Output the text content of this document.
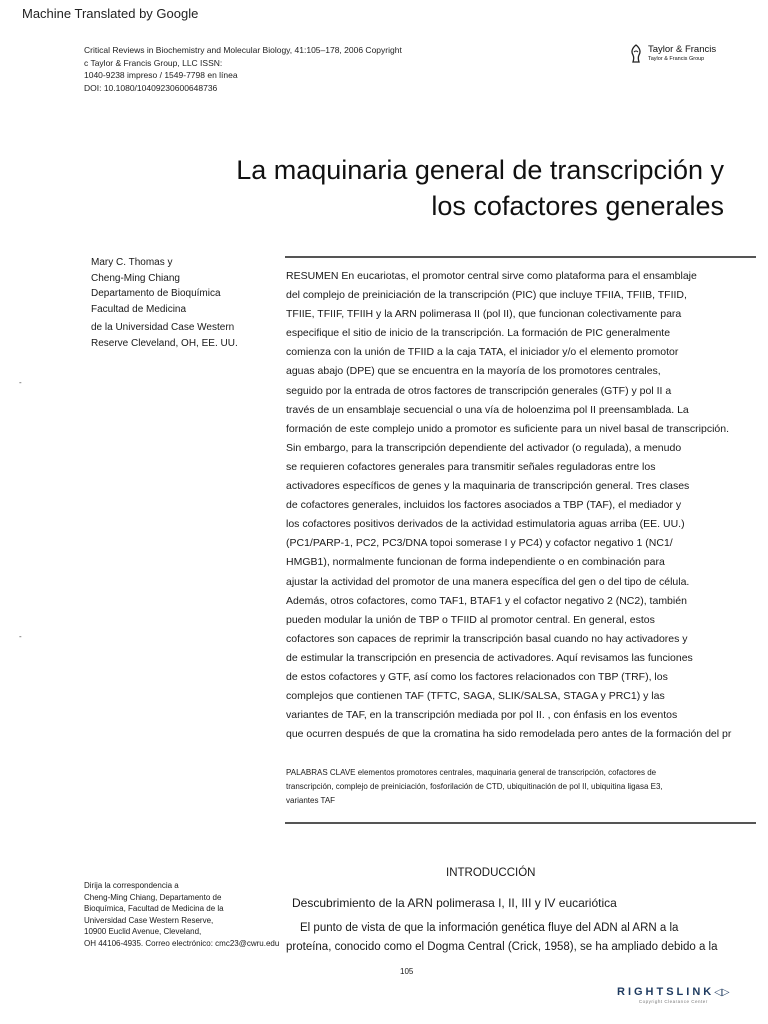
Machine Translated by Google
Critical Reviews in Biochemistry and Molecular Biology, 41:105–178, 2006 Copyright
c Taylor & Francis Group, LLC ISSN:
1040-9238 impreso / 1549-7798 en línea
DOI: 10.1080/10409230600648736
Taylor & Francis
Taylor & Francis Group
La maquinaria general de transcripción y
los cofactores generales
Mary C. Thomas y
Cheng-Ming Chiang
Departamento de Bioquímica
Facultad de Medicina
de la Universidad Case Western
Reserve Cleveland, OH, EE. UU.
RESUMEN En eucariotas, el promotor central sirve como plataforma para el ensamblaje
del complejo de preiniciación de la transcripción (PIC) que incluye TFIIA, TFIIB, TFIID,
TFIIE, TFIIF, TFIIH y la ARN polimerasa II (pol II), que funcionan colectivamente para
especifique el sitio de inicio de la transcripción. La formación de PIC generalmente
comienza con la unión de TFIID a la caja TATA, el iniciador y/o el elemento promotor
aguas abajo (DPE) que se encuentra en la mayoría de los promotores centrales,
seguido por la entrada de otros factores de transcripción generales (GTF) y pol II a
través de un ensamblaje secuencial o una vía de holoenzima pol II preensamblada. La
formación de este complejo unido a promotor es suficiente para un nivel basal de transcripción.
Sin embargo, para la transcripción dependiente del activador (o regulada), a menudo
se requieren cofactores generales para transmitir señales reguladoras entre los
activadores específicos de genes y la maquinaria de transcripción general. Tres clases
de cofactores generales, incluidos los factores asociados a TBP (TAF), el mediador y
los cofactores positivos derivados de la actividad estimulatoria aguas arriba (EE. UU.)
(PC1/PARP-1, PC2, PC3/DNA topoi somerase I y PC4) y cofactor negativo 1 (NC1/
HMGB1), normalmente funcionan de forma independiente o en combinación para
ajustar la actividad del promotor de una manera específica del gen o del tipo de célula.
Además, otros cofactores, como TAF1, BTAF1 y el cofactor negativo 2 (NC2), también
pueden modular la unión de TBP o TFIID al promotor central. En general, estos
cofactores son capaces de reprimir la transcripción basal cuando no hay activadores y
de estimular la transcripción en presencia de activadores. Aquí revisamos las funciones
de estos cofactores y GTF, así como los factores relacionados con TBP (TRF), los
complejos que contienen TAF (TFTC, SAGA, SLIK/SALSA, STAGA y PRC1) y las
variantes de TAF, en la transcripción mediada por pol II. , con énfasis en los eventos
que ocurren después de que la cromatina ha sido remodelada pero antes de la formación del pr
PALABRAS CLAVE elementos promotores centrales, maquinaria general de transcripción, cofactores de
transcripción, complejo de preiniciación, fosforilación de CTD, ubiquitinación de pol II, ubiquitina ligasa E3,
variantes TAF
INTRODUCCIÓN
Descubrimiento de la ARN polimerasa I, II, III y IV eucariótica
El punto de vista de que la información genética fluye del ADN al ARN a la
proteína, conocido como el Dogma Central (Crick, 1958), se ha ampliado debido a la
Dirija la correspondencia a
Cheng-Ming Chiang, Departamento de
Bioquímica, Facultad de Medicina de la
Universidad Case Western Reserve,
10900 Euclid Avenue, Cleveland,
OH 44106-4935. Correo electrónico: cmc23@cwru.edu
105
-
-
RIGHTSLINK◁▷
Copyright Clearance Center
